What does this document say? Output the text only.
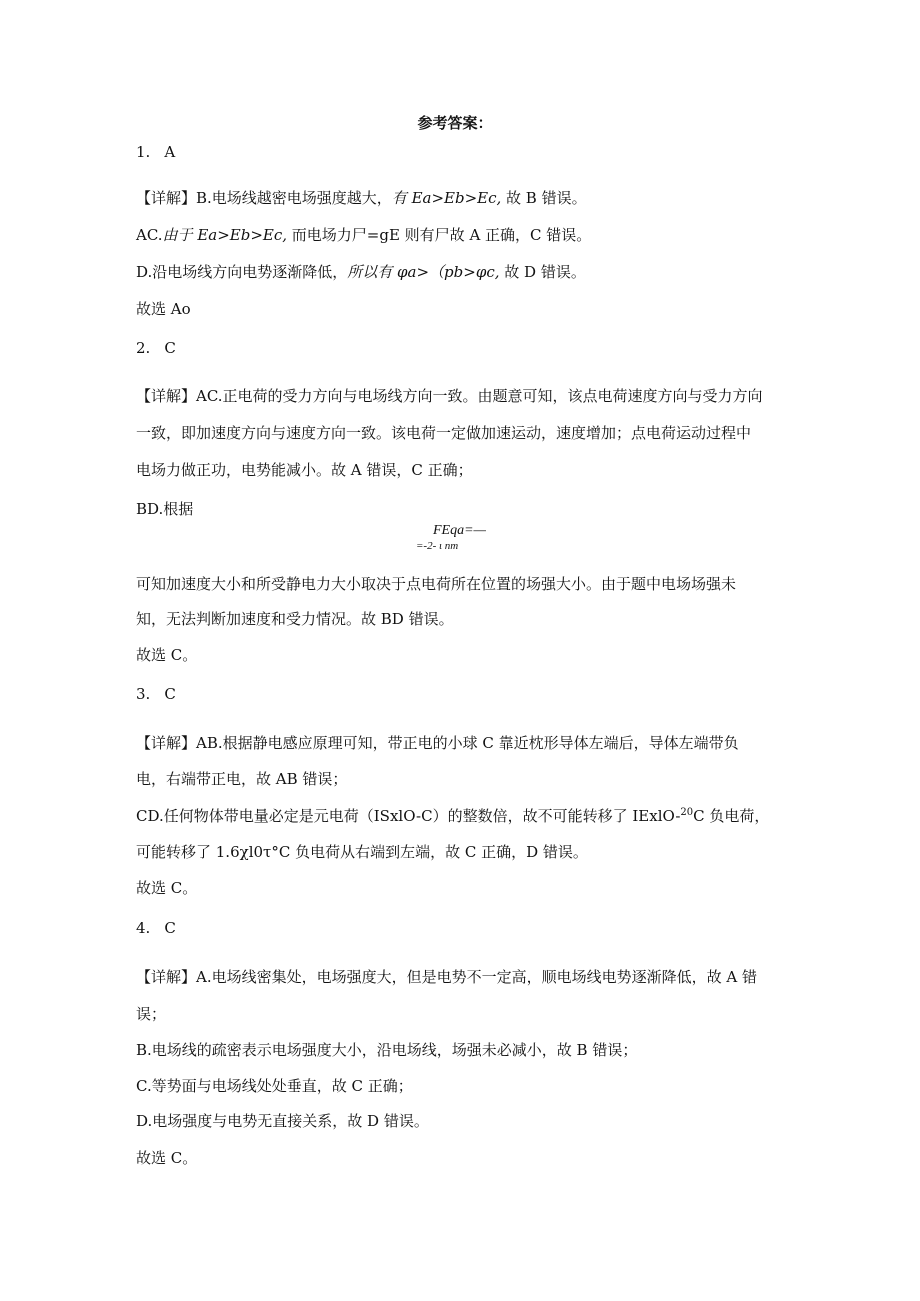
参考答案：
1. A
【详解】B.电场线越密电场强度越大，有 Ea>Eb>Ec, 故 B 错误。
AC.由于 Ea>Eb>Ec, 而电场力尸=gE 则有尸故 A 正确，C 错误。
D.沿电场线方向电势逐渐降低，所以有 φa>（pb>φc, 故 D 错误。
故选 Ao
2. C
【详解】AC.正电荷的受力方向与电场线方向一致。由题意可知，该点电荷速度方向与受力方向
一致，即加速度方向与速度方向一致。该电荷一定做加速运动，速度增加；点电荷运动过程中
电场力做正功，电势能减小。故 A 错误，C 正确；
BD.根据
FEqa=—
=-2- ι nm
可知加速度大小和所受静电力大小取决于点电荷所在位置的场强大小。由于题中电场场强未
知，无法判断加速度和受力情况。故 BD 错误。
故选 C。
3. C
【详解】AB.根据静电感应原理可知，带正电的小球 C 靠近枕形导体左端后，导体左端带负
电，右端带正电，故 AB 错误；
CD.任何物体带电量必定是元电荷（ISxlO-C）的整数倍，故不可能转移了 IExlO-$^{20}$C 负电荷，
可能转移了 1.6χl0τ°C 负电荷从右端到左端，故 C 正确，D 错误。
故选 C。
4. C
【详解】A.电场线密集处，电场强度大，但是电势不一定高，顺电场线电势逐渐降低，故 A 错
误；
B.电场线的疏密表示电场强度大小，沿电场线，场强未必减小，故 B 错误；
C.等势面与电场线处处垂直，故 C 正确；
D.电场强度与电势无直接关系，故 D 错误。
故选 C。
